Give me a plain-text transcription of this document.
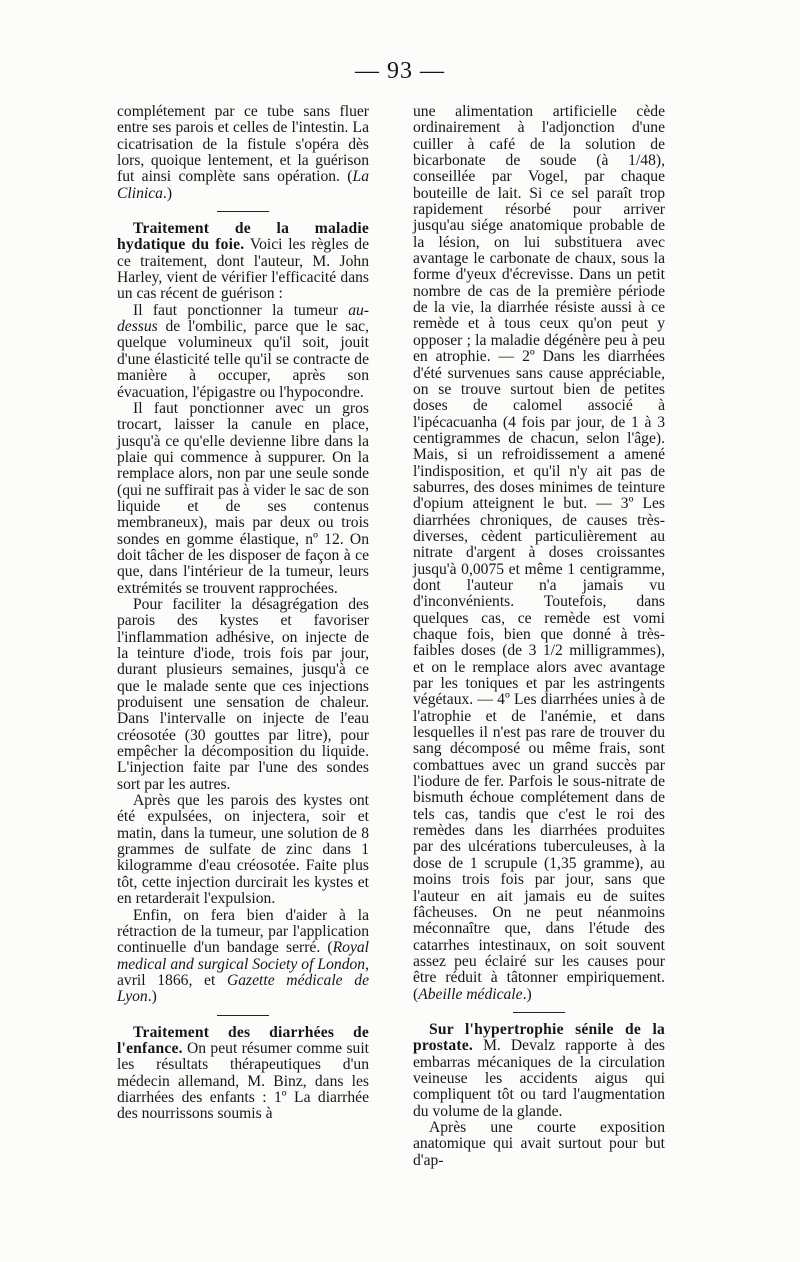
— 93 —

complétement par ce tube sans fluer entre ses parois et celles de l'intestin. La cicatrisation de la fistule s'opéra dès lors, quoique lentement, et la guérison fut ainsi complète sans opération. (La Clinica.)

Traitement de la maladie hydatique du foie. Voici les règles de ce traitement, dont l'auteur, M. John Harley, vient de vérifier l'efficacité dans un cas récent de guérison :

Il faut ponctionner la tumeur au-dessus de l'ombilic, parce que le sac, quelque volumineux qu'il soit, jouit d'une élasticité telle qu'il se contracte de manière à occuper, après son évacuation, l'épigastre ou l'hypocondre.

Il faut ponctionner avec un gros trocart, laisser la canule en place, jusqu'à ce qu'elle devienne libre dans la plaie qui commence à suppurer. On la remplace alors, non par une seule sonde (qui ne suffirait pas à vider le sac de son liquide et de ses contenus membraneux), mais par deux ou trois sondes en gomme élastique, nº 12. On doit tâcher de les disposer de façon à ce que, dans l'intérieur de la tumeur, leurs extrémités se trouvent rapprochées.

Pour faciliter la désagrégation des parois des kystes et favoriser l'inflammation adhésive, on injecte de la teinture d'iode, trois fois par jour, durant plusieurs semaines, jusqu'à ce que le malade sente que ces injections produisent une sensation de chaleur. Dans l'intervalle on injecte de l'eau créosotée (30 gouttes par litre), pour empêcher la décomposition du liquide. L'injection faite par l'une des sondes sort par les autres.

Après que les parois des kystes ont été expulsées, on injectera, soir et matin, dans la tumeur, une solution de 8 grammes de sulfate de zinc dans 1 kilogramme d'eau créosotée. Faite plus tôt, cette injection durcirait les kystes et en retarderait l'expulsion.

Enfin, on fera bien d'aider à la rétraction de la tumeur, par l'application continuelle d'un bandage serré. (Royal medical and surgical Society of London, avril 1866, et Gazette médicale de Lyon.)

Traitement des diarrhées de l'enfance. On peut résumer comme suit les résultats thérapeutiques d'un médecin allemand, M. Binz, dans les diarrhées des enfants : 1º La diarrhée des nourrissons soumis à

une alimentation artificielle cède ordinairement à l'adjonction d'une cuiller à café de la solution de bicarbonate de soude (à 1/48), conseillée par Vogel, par chaque bouteille de lait. Si ce sel paraît trop rapidement résorbé pour arriver jusqu'au siége anatomique probable de la lésion, on lui substituera avec avantage le carbonate de chaux, sous la forme d'yeux d'écrevisse. Dans un petit nombre de cas de la première période de la vie, la diarrhée résiste aussi à ce remède et à tous ceux qu'on peut y opposer ; la maladie dégénère peu à peu en atrophie. — 2º Dans les diarrhées d'été survenues sans cause appréciable, on se trouve surtout bien de petites doses de calomel associé à l'ipécacuanha (4 fois par jour, de 1 à 3 centigrammes de chacun, selon l'âge). Mais, si un refroidissement a amené l'indisposition, et qu'il n'y ait pas de saburres, des doses minimes de teinture d'opium atteignent le but. — 3º Les diarrhées chroniques, de causes très-diverses, cèdent particulièrement au nitrate d'argent à doses croissantes jusqu'à 0,0075 et même 1 centigramme, dont l'auteur n'a jamais vu d'inconvénients. Toutefois, dans quelques cas, ce remède est vomi chaque fois, bien que donné à très-faibles doses (de 3 1/2 milligrammes), et on le remplace alors avec avantage par les toniques et par les astringents végétaux. — 4º Les diarrhées unies à de l'atrophie et de l'anémie, et dans lesquelles il n'est pas rare de trouver du sang décomposé ou même frais, sont combattues avec un grand succès par l'iodure de fer. Parfois le sous-nitrate de bismuth échoue complétement dans de tels cas, tandis que c'est le roi des remèdes dans les diarrhées produites par des ulcérations tuberculeuses, à la dose de 1 scrupule (1,35 gramme), au moins trois fois par jour, sans que l'auteur en ait jamais eu de suites fâcheuses. On ne peut néanmoins méconnaître que, dans l'étude des catarrhes intestinaux, on soit souvent assez peu éclairé sur les causes pour être réduit à tâtonner empiriquement. (Abeille médicale.)

Sur l'hypertrophie sénile de la prostate. M. Devalz rapporte à des embarras mécaniques de la circulation veineuse les accidents aigus qui compliquent tôt ou tard l'augmentation du volume de la glande.

Après une courte exposition anatomique qui avait surtout pour but d'ap-
